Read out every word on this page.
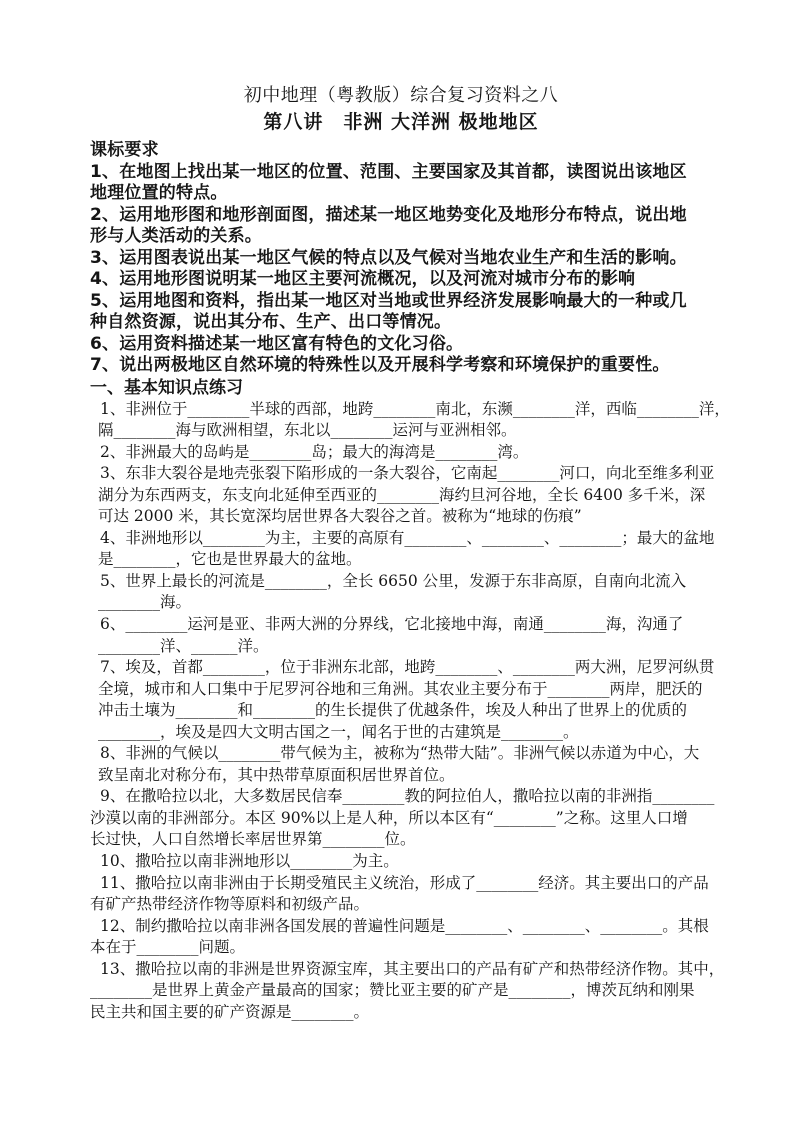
初中地理（粤教版）综合复习资料之八
第八讲　非洲 大洋洲 极地地区
课标要求
1、在地图上找出某一地区的位置、范围、主要国家及其首都，读图说出该地区
地理位置的特点。
2、运用地形图和地形剖面图，描述某一地区地势变化及地形分布特点，说出地
形与人类活动的关系。
3、运用图表说出某一地区气候的特点以及气候对当地农业生产和生活的影响。
4、运用地形图说明某一地区主要河流概况，以及河流对城市分布的影响
5、运用地图和资料，指出某一地区对当地或世界经济发展影响最大的一种或几
种自然资源，说出其分布、生产、出口等情况。
6、运用资料描述某一地区富有特色的文化习俗。
7、说出两极地区自然环境的特殊性以及开展科学考察和环境保护的重要性。
一、基本知识点练习
1、非洲位于________半球的西部，地跨________南北，东濒________洋，西临________洋，
隔________海与欧洲相望，东北以________运河与亚洲相邻。
2、非洲最大的岛屿是________岛；最大的海湾是________湾。
3、东非大裂谷是地壳张裂下陷形成的一条大裂谷，它南起________河口，向北至维多利亚
湖分为东西两支，东支向北延伸至西亚的________海约旦河谷地，全长 6400 多千米，深
可达 2000 米，其长宽深均居世界各大裂谷之首。被称为“地球的伤痕”
4、非洲地形以________为主，主要的高原有________、________、________；最大的盆地
是________，它也是世界最大的盆地。
5、世界上最长的河流是________，全长 6650 公里，发源于东非高原，自南向北流入
________海。
6、________运河是亚、非两大洲的分界线，它北接地中海，南通________海，沟通了
________洋、______洋。
7、埃及，首都________，位于非洲东北部，地跨________、________两大洲，尼罗河纵贯
全境，城市和人口集中于尼罗河谷地和三角洲。其农业主要分布于________两岸，肥沃的
冲击土壤为________和________的生长提供了优越条件，埃及人种出了世界上的优质的
________，埃及是四大文明古国之一，闻名于世的古建筑是________。
8、非洲的气候以________带气候为主，被称为“热带大陆”。非洲气候以赤道为中心，大
致呈南北对称分布，其中热带草原面积居世界首位。
9、在撒哈拉以北，大多数居民信奉________教的阿拉伯人，撒哈拉以南的非洲指________
沙漠以南的非洲部分。本区 90%以上是人种，所以本区有“________”之称。这里人口增
长过快，人口自然增长率居世界第________位。
10、撒哈拉以南非洲地形以________为主。
11、撒哈拉以南非洲由于长期受殖民主义统治，形成了________经济。其主要出口的产品
有矿产热带经济作物等原料和初级产品。
12、制约撒哈拉以南非洲各国发展的普遍性问题是________、________、________。其根
本在于________问题。
13、撒哈拉以南的非洲是世界资源宝库，其主要出口的产品有矿产和热带经济作物。其中，
________是世界上黄金产量最高的国家；赞比亚主要的矿产是________，博茨瓦纳和刚果
民主共和国主要的矿产资源是________。
